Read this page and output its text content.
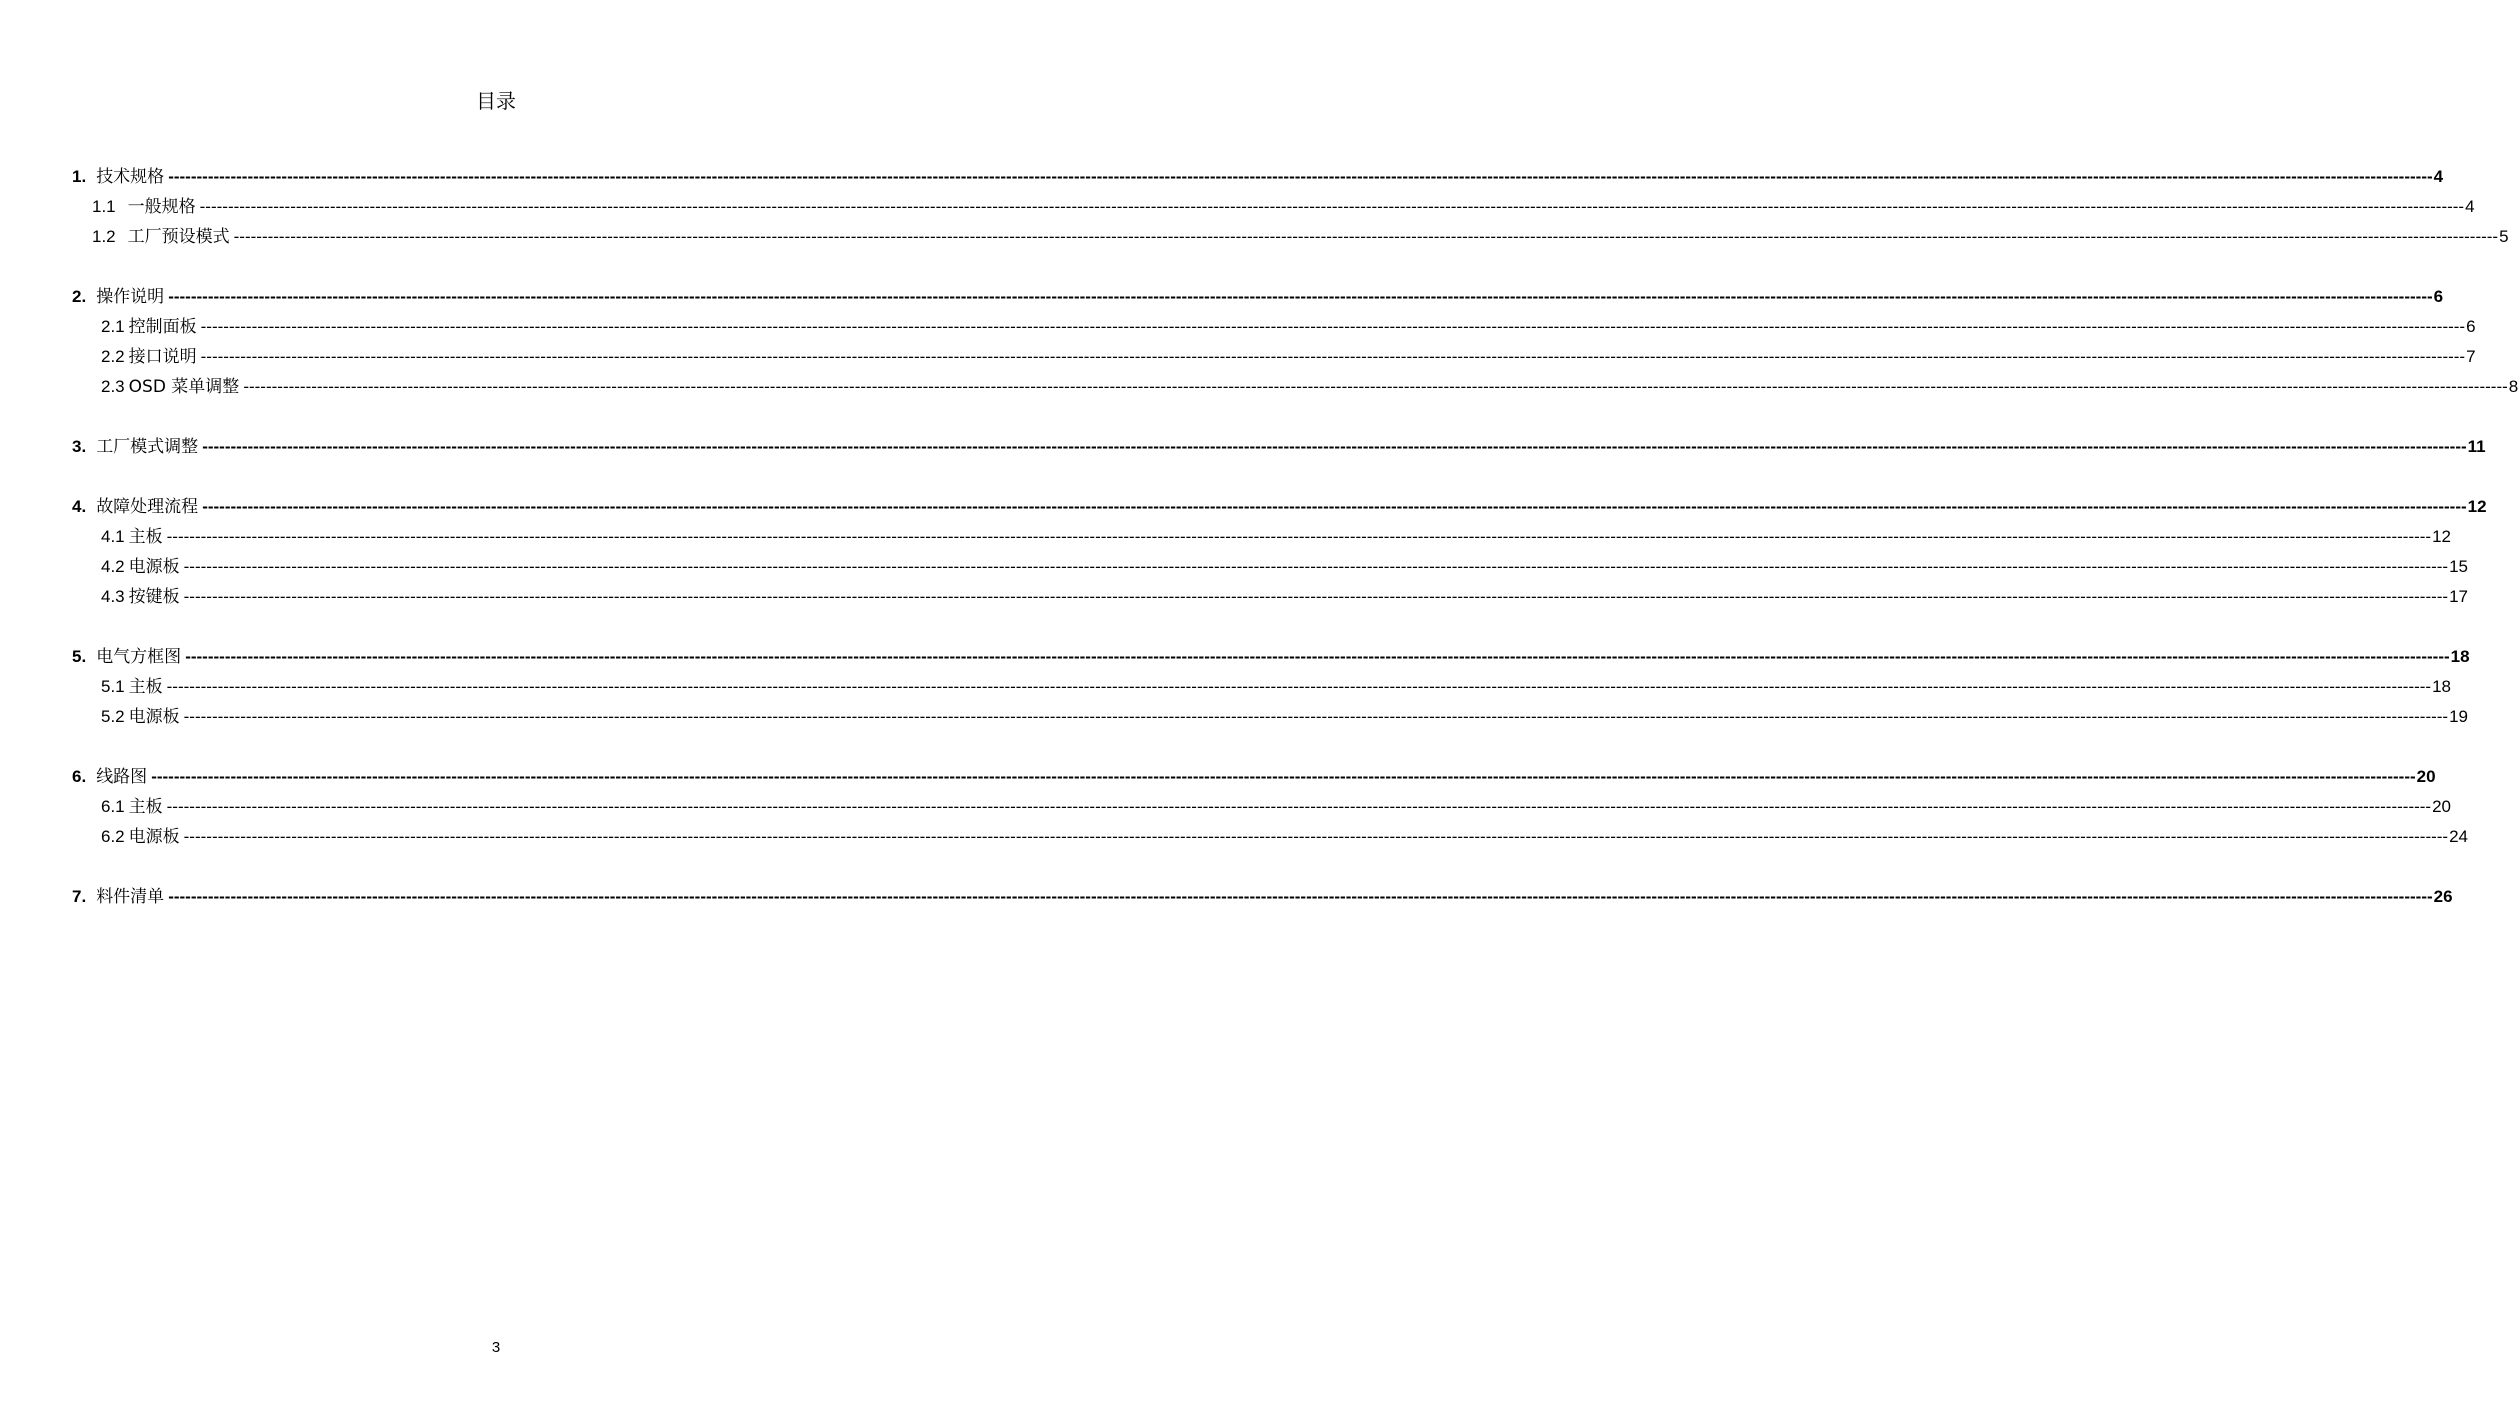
目录
1. 技术规格 ---------------------------------------------------------------------------------------------------------------------------------------------------------------------------------------------------------------------------------------------------------------------------------------------------------------------------------------------------------------------------------------------------------------- 4
1.1 一般规格 ---------------------------------------------------------------------------------------------------------------------------------------------------------------------------------------------------------------------------------------------------------------------------------------------------------------------------------------------------------------------------------------------------------------- 4
1.2 工厂预设模式 ---------------------------------------------------------------------------------------------------------------------------------------------------------------------------------------------------------------------------------------------------------------------------------------------------------------------------------------------------------------------------------------------------------------- 5
2. 操作说明 ---------------------------------------------------------------------------------------------------------------------------------------------------------------------------------------------------------------------------------------------------------------------------------------------------------------------------------------------------------------------------------------------------------------- 6
2.1 控制面板 ---------------------------------------------------------------------------------------------------------------------------------------------------------------------------------------------------------------------------------------------------------------------------------------------------------------------------------------------------------------------------------------------------------------- 6
2.2 接口说明 ---------------------------------------------------------------------------------------------------------------------------------------------------------------------------------------------------------------------------------------------------------------------------------------------------------------------------------------------------------------------------------------------------------------- 7
2.3 OSD 菜单调整 ---------------------------------------------------------------------------------------------------------------------------------------------------------------------------------------------------------------------------------------------------------------------------------------------------------------------------------------------------------------------------------------------------------------- 8
3. 工厂模式调整 ---------------------------------------------------------------------------------------------------------------------------------------------------------------------------------------------------------------------------------------------------------------------------------------------------------------------------------------------------------------------------------------------------------------- 11
4. 故障处理流程 ---------------------------------------------------------------------------------------------------------------------------------------------------------------------------------------------------------------------------------------------------------------------------------------------------------------------------------------------------------------------------------------------------------------- 12
4.1 主板 ---------------------------------------------------------------------------------------------------------------------------------------------------------------------------------------------------------------------------------------------------------------------------------------------------------------------------------------------------------------------------------------------------------------- 12
4.2 电源板 ---------------------------------------------------------------------------------------------------------------------------------------------------------------------------------------------------------------------------------------------------------------------------------------------------------------------------------------------------------------------------------------------------------------- 15
4.3 按键板 ---------------------------------------------------------------------------------------------------------------------------------------------------------------------------------------------------------------------------------------------------------------------------------------------------------------------------------------------------------------------------------------------------------------- 17
5. 电气方框图 ---------------------------------------------------------------------------------------------------------------------------------------------------------------------------------------------------------------------------------------------------------------------------------------------------------------------------------------------------------------------------------------------------------------- 18
5.1 主板 ---------------------------------------------------------------------------------------------------------------------------------------------------------------------------------------------------------------------------------------------------------------------------------------------------------------------------------------------------------------------------------------------------------------- 18
5.2 电源板 ---------------------------------------------------------------------------------------------------------------------------------------------------------------------------------------------------------------------------------------------------------------------------------------------------------------------------------------------------------------------------------------------------------------- 19
6. 线路图 ---------------------------------------------------------------------------------------------------------------------------------------------------------------------------------------------------------------------------------------------------------------------------------------------------------------------------------------------------------------------------------------------------------------- 20
6.1 主板 ---------------------------------------------------------------------------------------------------------------------------------------------------------------------------------------------------------------------------------------------------------------------------------------------------------------------------------------------------------------------------------------------------------------- 20
6.2 电源板 ---------------------------------------------------------------------------------------------------------------------------------------------------------------------------------------------------------------------------------------------------------------------------------------------------------------------------------------------------------------------------------------------------------------- 24
7. 料件清单 ---------------------------------------------------------------------------------------------------------------------------------------------------------------------------------------------------------------------------------------------------------------------------------------------------------------------------------------------------------------------------------------------------------------- 26
3
